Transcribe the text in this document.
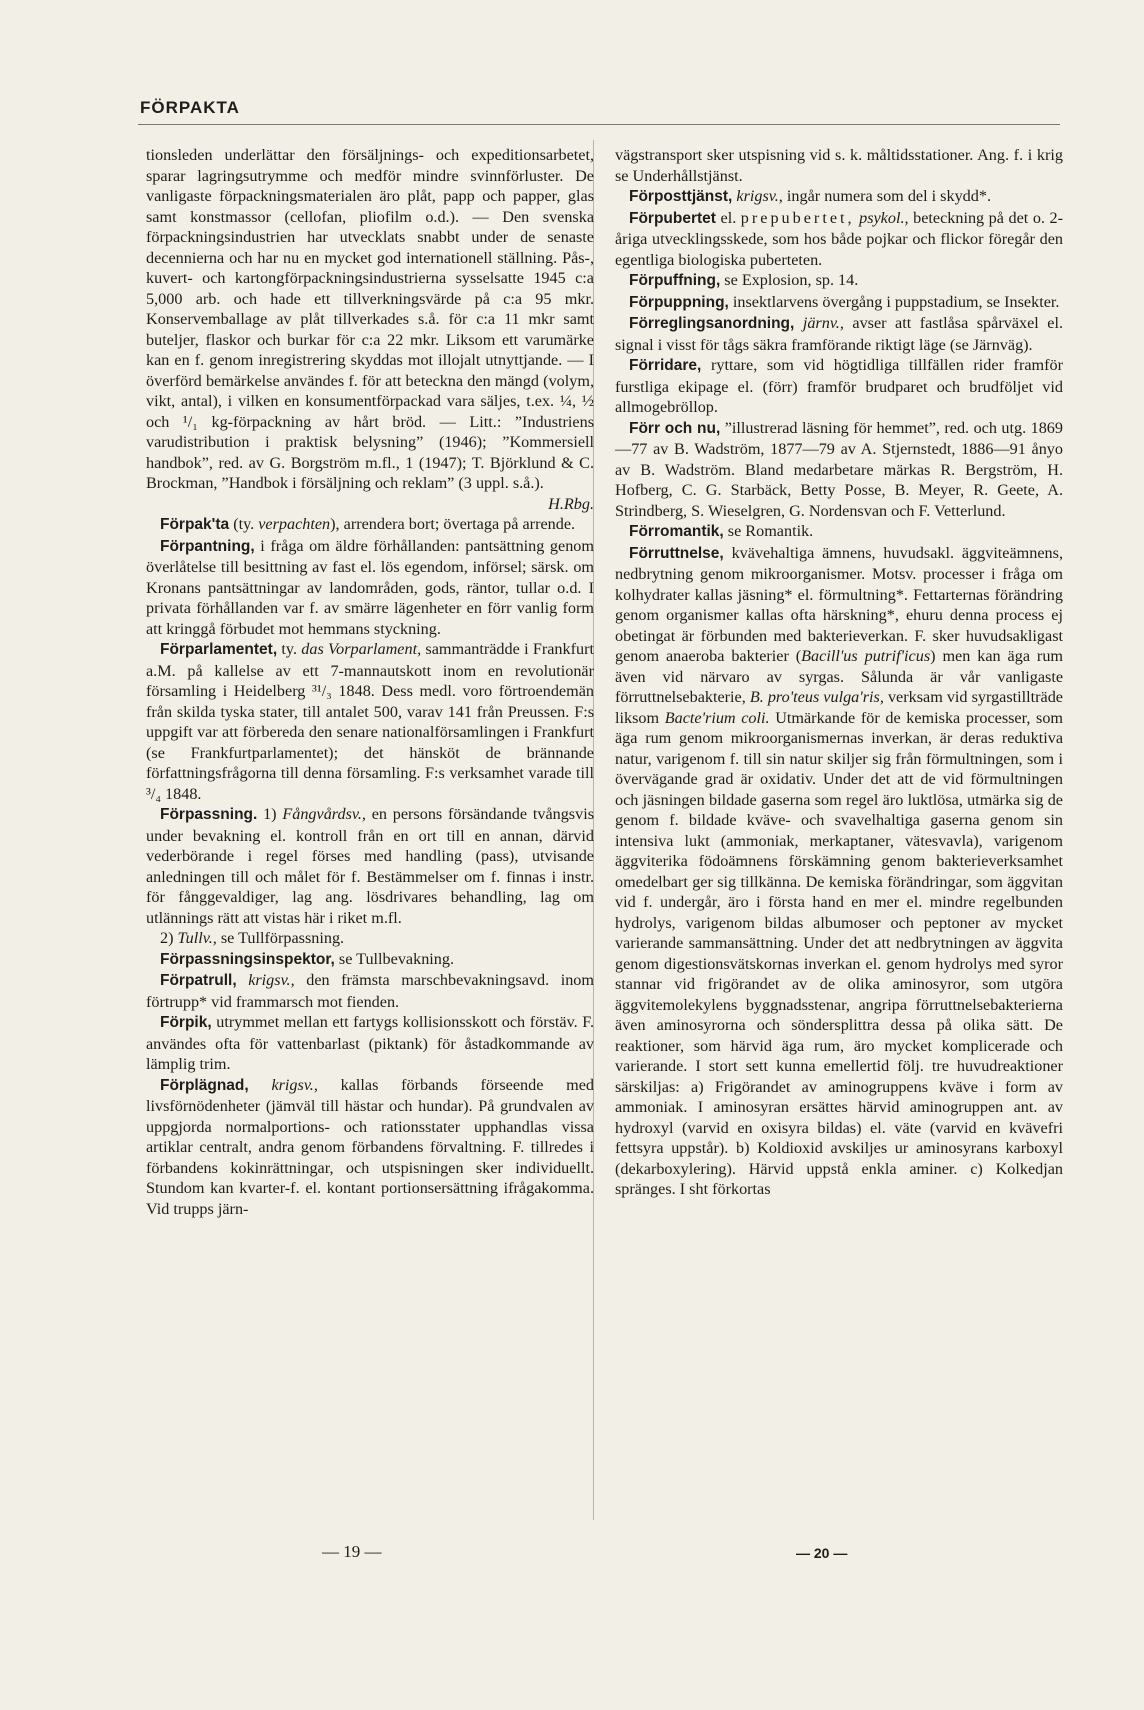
FÖRPAKTA

tionsleden underlättar den försäljnings- och expeditionsarbetet, sparar lagringsutrymme och medför mindre svinnförluster. De vanligaste förpackningsmaterialen äro plåt, papp och papper, glas samt konstmassor (cellofan, pliofilm o.d.). — Den svenska förpackningsindustrien har utvecklats snabbt under de senaste decennierna och har nu en mycket god internationell ställning. Pås-, kuvert- och kartongförpackningsindustrierna sysselsatte 1945 c:a 5,000 arb. och hade ett tillverkningsvärde på c:a 95 mkr. Konservemballage av plåt tillverkades s.å. för c:a 11 mkr samt buteljer, flaskor och burkar för c:a 22 mkr. Liksom ett varumärke kan en f. genom inregistrering skyddas mot illojalt utnyttjande. — I överförd bemärkelse användes f. för att beteckna den mängd (volym, vikt, antal), i vilken en konsumentförpackad vara säljes, t.ex. ¼, ½ och ¹/₁ kg-förpackning av hårt bröd. — Litt.: ”Industriens varudistribution i praktisk belysning” (1946); ”Kommersiell handbok”, red. av G. Borgström m.fl., 1 (1947); T. Björklund & C. Brockman, ”Handbok i försäljning och reklam” (3 uppl. s.å.).
H.Rbg.

Förpak'ta (ty. verpachten), arrendera bort; övertaga på arrende.

Förpantning, i fråga om äldre förhållanden: pantsättning genom överlåtelse till besittning av fast el. lös egendom, införsel; särsk. om Kronans pantsättningar av landområden, gods, räntor, tullar o.d. I privata förhållanden var f. av smärre lägenheter en förr vanlig form att kringgå förbudet mot hemmans styckning.

Förparlamentet, ty. das Vorparlament, sammanträdde i Frankfurt a.M. på kallelse av ett 7-mannautskott inom en revolutionär församling i Heidelberg ³¹/₃ 1848. Dess medl. voro förtroendemän från skilda tyska stater, till antalet 500, varav 141 från Preussen. F:s uppgift var att förbereda den senare nationalförsamlingen i Frankfurt (se Frankfurtparlamentet); det hänsköt de brännande författningsfrågorna till denna församling. F:s verksamhet varade till ³/₄ 1848.

Förpassning. 1) Fångvårdsv., en persons försändande tvångsvis under bevakning el. kontroll från en ort till en annan, därvid vederbörande i regel förses med handling (pass), utvisande anledningen till och målet för f. Bestämmelser om f. finnas i instr. för fånggevaldiger, lag ang. lösdrivares behandling, lag om utlännings rätt att vistas här i riket m.fl.

2) Tullv., se Tullförpassning.

Förpassningsinspektor, se Tullbevakning.

Förpatrull, krigsv., den främsta marschbevakningsavd. inom förtrupp* vid frammarsch mot fienden.

Förpik, utrymmet mellan ett fartygs kollisionsskott och förstäv. F. användes ofta för vattenbarlast (piktank) för åstadkommande av lämplig trim.

Förplägnad, krigsv., kallas förbands förseende med livsförnödenheter (jämväl till hästar och hundar). På grundvalen av uppgjorda normalportions- och rationsstater upphandlas vissa artiklar centralt, andra genom förbandens förvaltning. F. tillredes i förbandens kokinrättningar, och utspisningen sker individuellt. Stundom kan kvarter-f. el. kontant portionsersättning ifrågakomma. Vid trupps järn-

vägstransport sker utspisning vid s. k. måltidsstationer. Ang. f. i krig se Underhållstjänst.

Förposttjänst, krigsv., ingår numera som del i skydd*.

Förpubertet el. prepubertet, psykol., beteckning på det o. 2-åriga utvecklingsskede, som hos både pojkar och flickor föregår den egentliga biologiska puberteten.

Förpuffning, se Explosion, sp. 14.

Förpuppning, insektlarvens övergång i puppstadium, se Insekter.

Förreglingsanordning, järnv., avser att fastlåsa spårväxel el. signal i visst för tågs säkra framförande riktigt läge (se Järnväg).

Förridare, ryttare, som vid högtidliga tillfällen rider framför furstliga ekipage el. (förr) framför brudparet och brudföljet vid allmogebröllop.

Förr och nu, ”illustrerad läsning för hemmet”, red. och utg. 1869—77 av B. Wadström, 1877—79 av A. Stjernstedt, 1886—91 ånyo av B. Wadström. Bland medarbetare märkas R. Bergström, H. Hofberg, C. G. Starbäck, Betty Posse, B. Meyer, R. Geete, A. Strindberg, S. Wieselgren, G. Nordensvan och F. Vetterlund.

Förromantik, se Romantik.

Förruttnelse, kvävehaltiga ämnens, huvudsakl. äggviteämnens, nedbrytning genom mikroorganismer. Motsv. processer i fråga om kolhydrater kallas jäsning* el. förmultning*. Fettarternas förändring genom organismer kallas ofta härskning*, ehuru denna process ej obetingat är förbunden med bakterieverkan. F. sker huvudsakligast genom anaeroba bakterier (Bacill'us putrif'icus) men kan äga rum även vid närvaro av syrgas. Sålunda är vår vanligaste förruttnelsebakterie, B. pro'teus vulga'ris, verksam vid syrgastillträde liksom Bacte'rium coli. Utmärkande för de kemiska processer, som äga rum genom mikroorganismernas inverkan, är deras reduktiva natur, varigenom f. till sin natur skiljer sig från förmultningen, som i övervägande grad är oxidativ. Under det att de vid förmultningen och jäsningen bildade gaserna som regel äro luktlösa, utmärka sig de genom f. bildade kväve- och svavelhaltiga gaserna genom sin intensiva lukt (ammoniak, merkaptaner, vätesvavla), varigenom äggviterika födoämnens förskämning genom bakterieverksamhet omedelbart ger sig tillkänna. De kemiska förändringar, som äggvitan vid f. undergår, äro i första hand en mer el. mindre regelbunden hydrolys, varigenom bildas albumoser och peptoner av mycket varierande sammansättning. Under det att nedbrytningen av äggvita genom digestionsvätskornas inverkan el. genom hydrolys med syror stannar vid frigörandet av de olika aminosyror, som utgöra äggvitemolekylens byggnadsstenar, angripa förruttnelsebakterierna även aminosyrorna och söndersplittra dessa på olika sätt. De reaktioner, som härvid äga rum, äro mycket komplicerade och varierande. I stort sett kunna emellertid följ. tre huvudreaktioner särskiljas: a) Frigörandet av aminogruppens kväve i form av ammoniak. I aminosyran ersättes härvid aminogruppen ant. av hydroxyl (varvid en oxisyra bildas) el. väte (varvid en kvävefri fettsyra uppstår). b) Koldioxid avskiljes ur aminosyrans karboxyl (dekarboxylering). Härvid uppstå enkla aminer. c) Kolkedjan spränges. I sht förkortas

— 19 —	— 20 —
